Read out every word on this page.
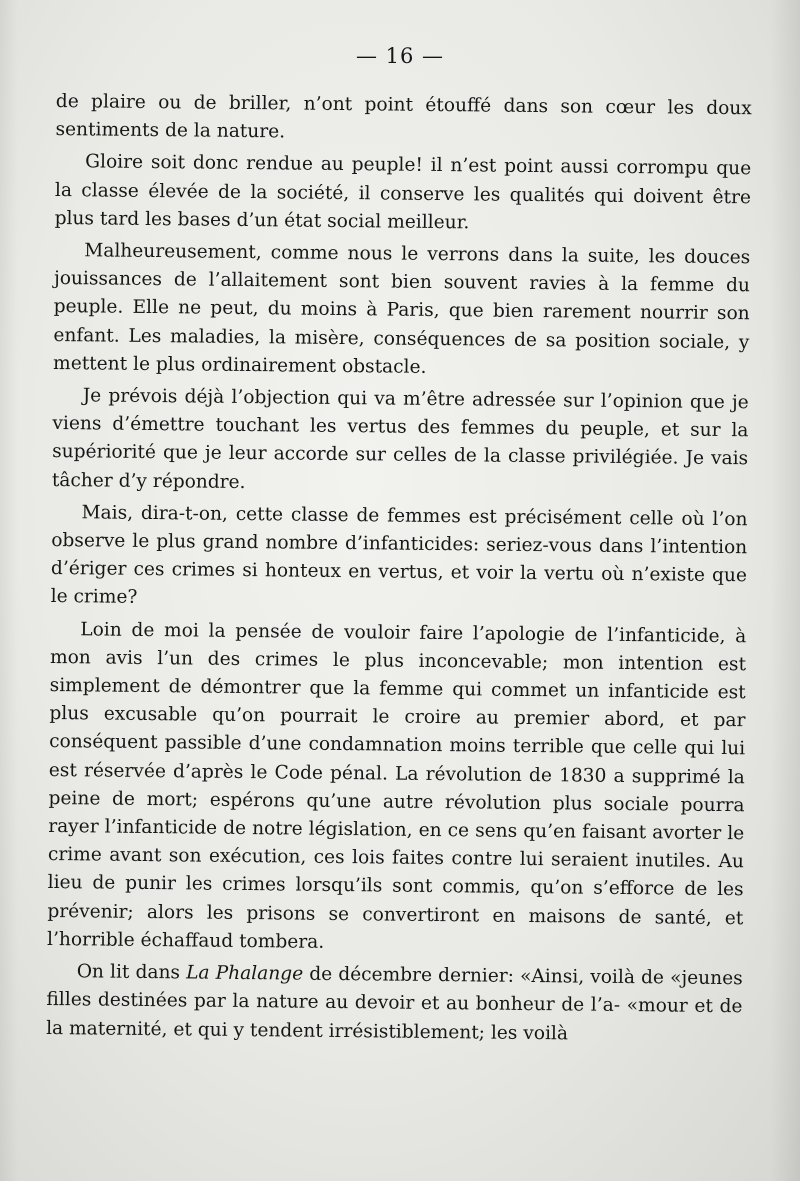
— 16 —

de plaire ou de briller, n’ont point étouffé dans son cœur les doux sentiments de la nature.

Gloire soit donc rendue au peuple! il n’est point aussi corrompu que la classe élevée de la société, il conserve les qualités qui doivent être plus tard les bases d’un état social meilleur.

Malheureusement, comme nous le verrons dans la suite, les douces jouissances de l’allaitement sont bien souvent ravies à la femme du peuple. Elle ne peut, du moins à Paris, que bien rarement nourrir son enfant. Les maladies, la misère, conséquences de sa position sociale, y mettent le plus ordinairement obstacle.

Je prévois déjà l’objection qui va m’être adressée sur l’opinion que je viens d’émettre touchant les vertus des femmes du peuple, et sur la supériorité que je leur accorde sur celles de la classe privilégiée. Je vais tâcher d’y répondre.

Mais, dira-t-on, cette classe de femmes est précisément celle où l’on observe le plus grand nombre d’infanticides: seriez-vous dans l’intention d’ériger ces crimes si honteux en vertus, et voir la vertu où n’existe que le crime?

Loin de moi la pensée de vouloir faire l’apologie de l’infanticide, à mon avis l’un des crimes le plus inconcevable; mon intention est simplement de démontrer que la femme qui commet un infanticide est plus excusable qu’on pourrait le croire au premier abord, et par conséquent passible d’une condamnation moins terrible que celle qui lui est réservée d’après le Code pénal. La révolution de 1830 a supprimé la peine de mort; espérons qu’une autre révolution plus sociale pourra rayer l’infanticide de notre législation, en ce sens qu’en faisant avorter le crime avant son exécution, ces lois faites contre lui seraient inutiles. Au lieu de punir les crimes lorsqu’ils sont commis, qu’on s’efforce de les prévenir; alors les prisons se convertiront en maisons de santé, et l’horrible échaffaud tombera.

On lit dans La Phalange de décembre dernier: «Ainsi, voilà de «jeunes filles destinées par la nature au devoir et au bonheur de l’a- «mour et de la maternité, et qui y tendent irrésistiblement; les voilà
